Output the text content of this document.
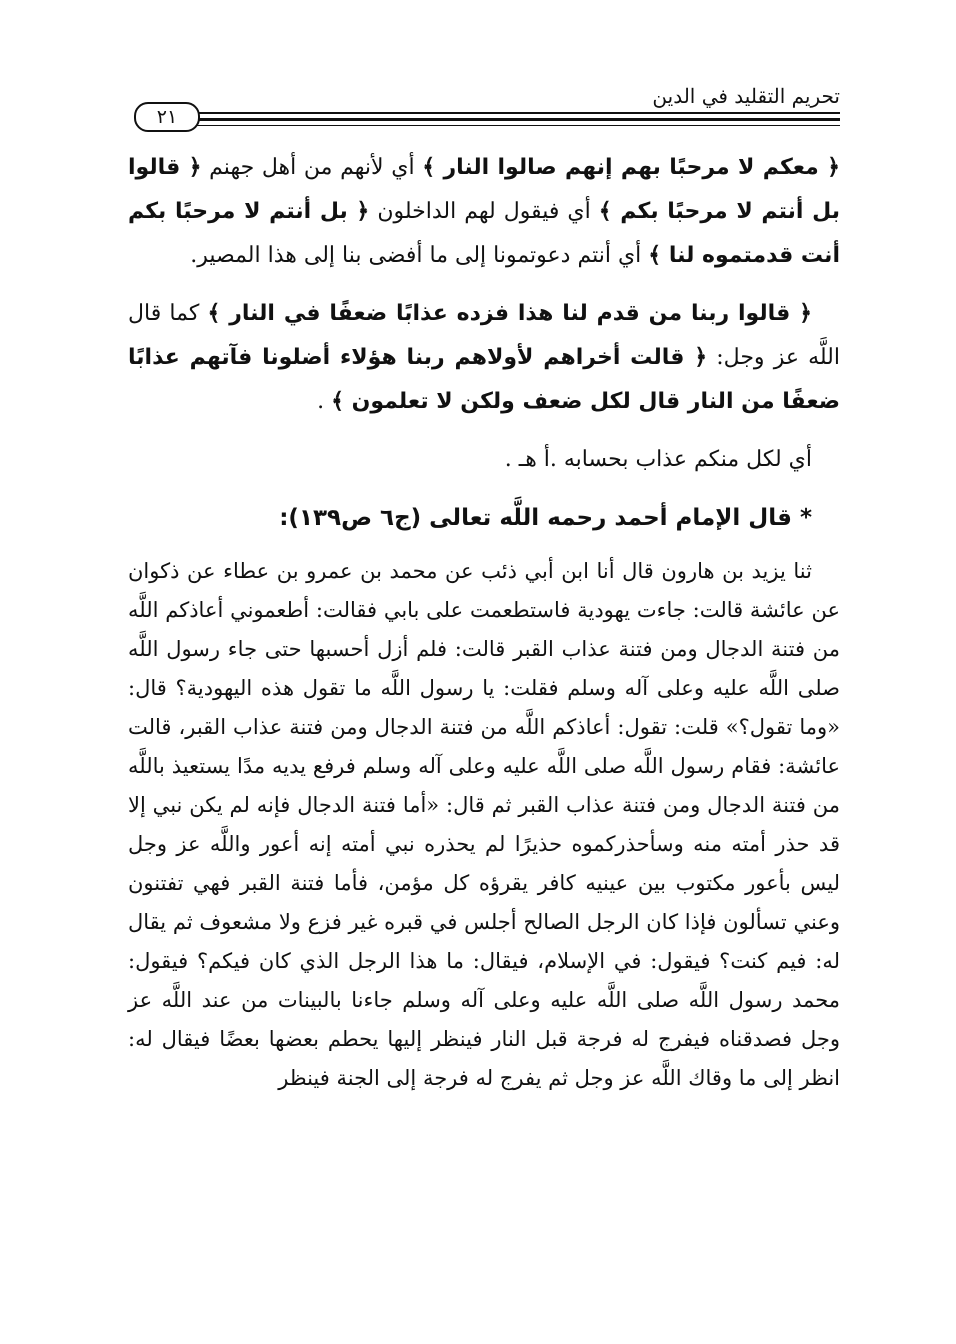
تحريم التقليد في الدين
٢١

﴿ معكم لا مرحبًا بهم إنهم صالوا النار ﴾ أي لأنهم من أهل جهنم ﴿ قالوا بل أنتم لا مرحبًا بكم ﴾ أي فيقول لهم الداخلون ﴿ بل أنتم لا مرحبًا بكم أنت قدمتموه لنا ﴾ أي أنتم دعوتمونا إلى ما أفضى بنا إلى هذا المصير.

﴿ قالوا ربنا من قدم لنا هذا فزده عذابًا ضعفًا في النار ﴾ كما قال اللَّه عز وجل: ﴿ قالت أخراهم لأولاهم ربنا هؤلاء أضلونا فآتهم عذابًا ضعفًا من النار قال لكل ضعف ولكن لا تعلمون ﴾ .

أي لكل منكم عذاب بحسابه .أ هـ .

* قال الإمام أحمد رحمه اللَّه تعالى (ج٦ ص١٣٩):

ثنا يزيد بن هارون قال أنا ابن أبي ذئب عن محمد بن عمرو بن عطاء عن ذكوان عن عائشة قالت: جاءت يهودية فاستطعمت على بابي فقالت: أطعموني أعاذكم اللَّه من فتنة الدجال ومن فتنة عذاب القبر قالت: فلم أزل أحسبها حتى جاء رسول اللَّه صلى اللَّه عليه وعلى آله وسلم فقلت: يا رسول اللَّه ما تقول هذه اليهودية؟ قال: «وما تقول؟» قلت: تقول: أعاذكم اللَّه من فتنة الدجال ومن فتنة عذاب القبر، قالت عائشة: فقام رسول اللَّه صلى اللَّه عليه وعلى آله وسلم فرفع يديه مدًا يستعيذ باللَّه من فتنة الدجال ومن فتنة عذاب القبر ثم قال: «أما فتنة الدجال فإنه لم يكن نبي إلا قد حذر أمته منه وسأحذركموه حذيرًا لم يحذره نبي أمته إنه أعور واللَّه عز وجل ليس بأعور مكتوب بين عينيه كافر يقرؤه كل مؤمن، فأما فتنة القبر فهي تفتنون وعني تسألون فإذا كان الرجل الصالح أجلس في قبره غير فزع ولا مشعوف ثم يقال له: فيم كنت؟ فيقول: في الإسلام، فيقال: ما هذا الرجل الذي كان فيكم؟ فيقول: محمد رسول اللَّه صلى اللَّه عليه وعلى آله وسلم جاءنا بالبينات من عند اللَّه عز وجل فصدقناه فيفرج له فرجة قبل النار فينظر إليها يحطم بعضها بعضًا فيقال له: انظر إلى ما وقاك اللَّه عز وجل ثم يفرج له فرجة إلى الجنة فينظر
